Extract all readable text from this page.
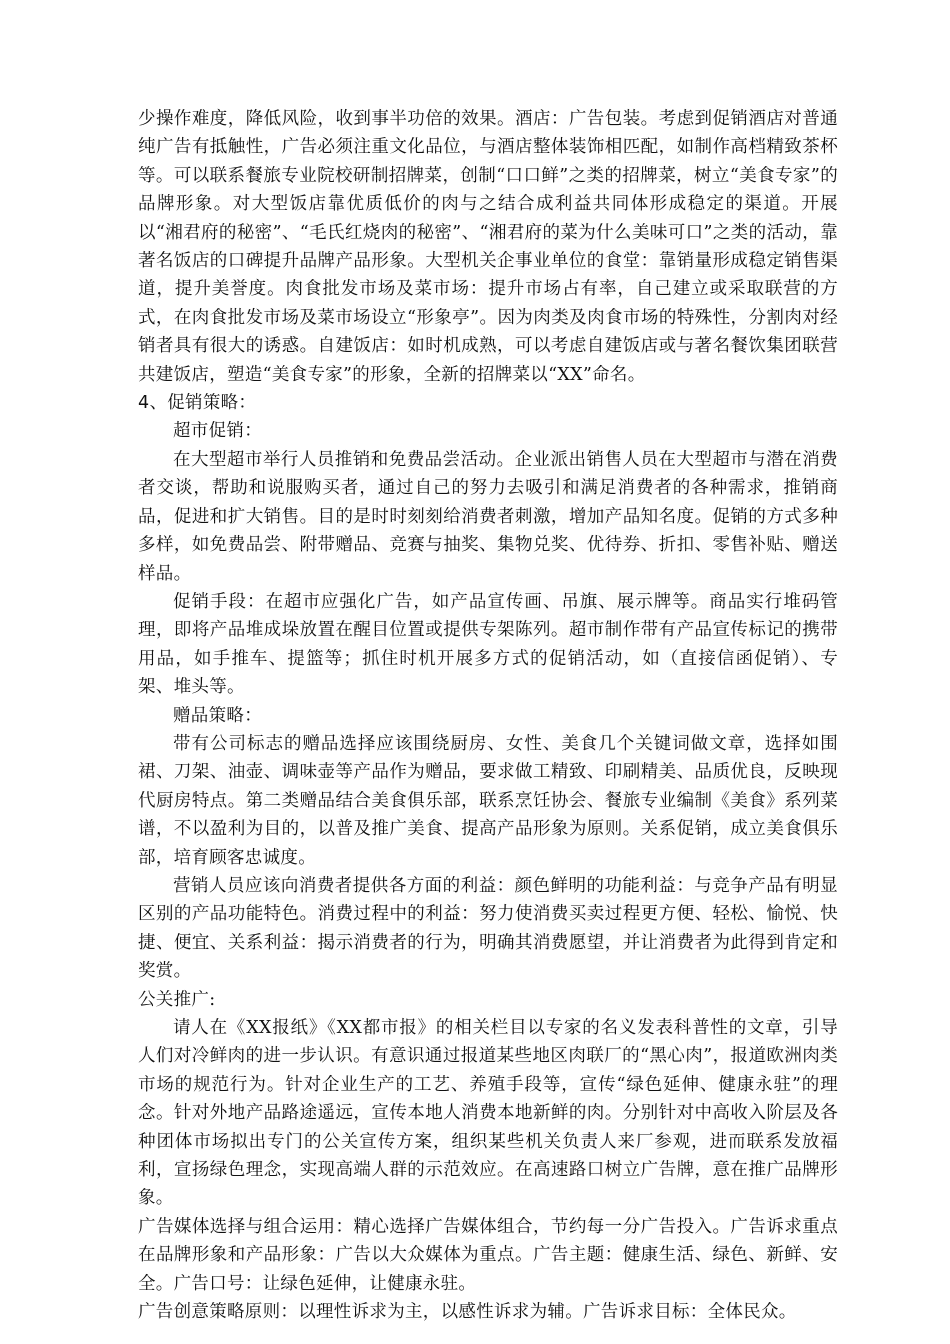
少操作难度，降低风险，收到事半功倍的效果。酒店：广告包装。考虑到促销酒店对普通纯广告有抵触性，广告必须注重文化品位，与酒店整体装饰相匹配，如制作高档精致茶杯等。可以联系餐旅专业院校研制招牌菜，创制“口口鲜”之类的招牌菜，树立“美食专家”的品牌形象。对大型饭店靠优质低价的肉与之结合成利益共同体形成稳定的渠道。开展以“湘君府的秘密”、“毛氏红烧肉的秘密”、“湘君府的菜为什么美味可口”之类的活动，靠著名饭店的口碑提升品牌产品形象。大型机关企事业单位的食堂：靠销量形成稳定销售渠道，提升美誉度。肉食批发市场及菜市场：提升市场占有率，自己建立或采取联营的方式，在肉食批发市场及菜市场设立“形象亭”。因为肉类及肉食市场的特殊性，分割肉对经销者具有很大的诱惑。自建饭店：如时机成熟，可以考虑自建饭店或与著名餐饮集团联营共建饭店，塑造“美食专家”的形象，全新的招牌菜以“XX”命名。

4、促销策略：

超市促销：

在大型超市举行人员推销和免费品尝活动。企业派出销售人员在大型超市与潜在消费者交谈，帮助和说服购买者，通过自己的努力去吸引和满足消费者的各种需求，推销商品，促进和扩大销售。目的是时时刻刻给消费者刺激，增加产品知名度。促销的方式多种多样，如免费品尝、附带赠品、竞赛与抽奖、集物兑奖、优待券、折扣、零售补贴、赠送样品。

促销手段：在超市应强化广告，如产品宣传画、吊旗、展示牌等。商品实行堆码管理，即将产品堆成垛放置在醒目位置或提供专架陈列。超市制作带有产品宣传标记的携带用品，如手推车、提篮等；抓住时机开展多方式的促销活动，如（直接信函促销）、专架、堆头等。

赠品策略：

带有公司标志的赠品选择应该围绕厨房、女性、美食几个关键词做文章，选择如围裙、刀架、油壶、调味壶等产品作为赠品，要求做工精致、印刷精美、品质优良，反映现代厨房特点。第二类赠品结合美食俱乐部，联系烹饪协会、餐旅专业编制《美食》系列菜谱，不以盈利为目的，以普及推广美食、提高产品形象为原则。关系促销，成立美食俱乐部，培育顾客忠诚度。

营销人员应该向消费者提供各方面的利益：颜色鲜明的功能利益：与竞争产品有明显区别的产品功能特色。消费过程中的利益：努力使消费买卖过程更方便、轻松、愉悦、快捷、便宜、关系利益：揭示消费者的行为，明确其消费愿望，并让消费者为此得到肯定和奖赏。

公关推广:

请人在《XX报纸》《XX都市报》的相关栏目以专家的名义发表科普性的文章，引导人们对冷鲜肉的进一步认识。有意识通过报道某些地区肉联厂的“黑心肉”，报道欧洲肉类市场的规范行为。针对企业生产的工艺、养殖手段等，宣传“绿色延伸、健康永驻”的理念。针对外地产品路途遥远，宣传本地人消费本地新鲜的肉。分别针对中高收入阶层及各种团体市场拟出专门的公关宣传方案，组织某些机关负责人来厂参观，进而联系发放福利，宣扬绿色理念，实现高端人群的示范效应。在高速路口树立广告牌，意在推广品牌形象。

广告媒体选择与组合运用：精心选择广告媒体组合，节约每一分广告投入。广告诉求重点在品牌形象和产品形象：广告以大众媒体为重点。广告主题：健康生活、绿色、新鲜、安全。广告口号：让绿色延伸，让健康永驻。

广告创意策略原则：以理性诉求为主，以感性诉求为辅。广告诉求目标：全体民众。
